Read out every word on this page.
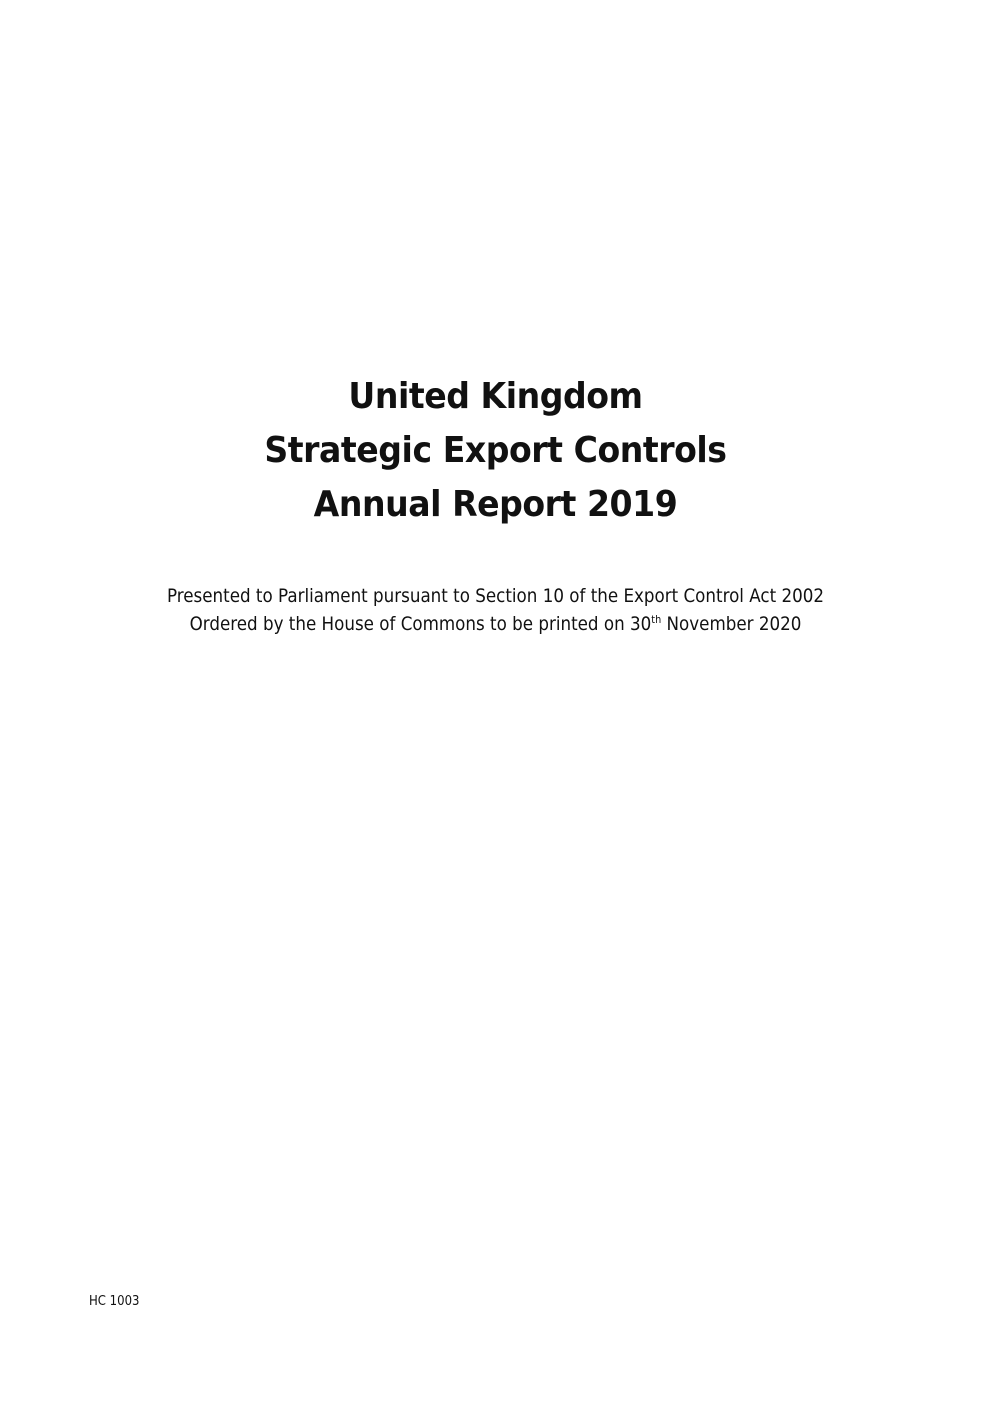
United Kingdom
Strategic Export Controls
Annual Report 2019
Presented to Parliament pursuant to Section 10 of the Export Control Act 2002
Ordered by the House of Commons to be printed on 30th November 2020
HC 1003
